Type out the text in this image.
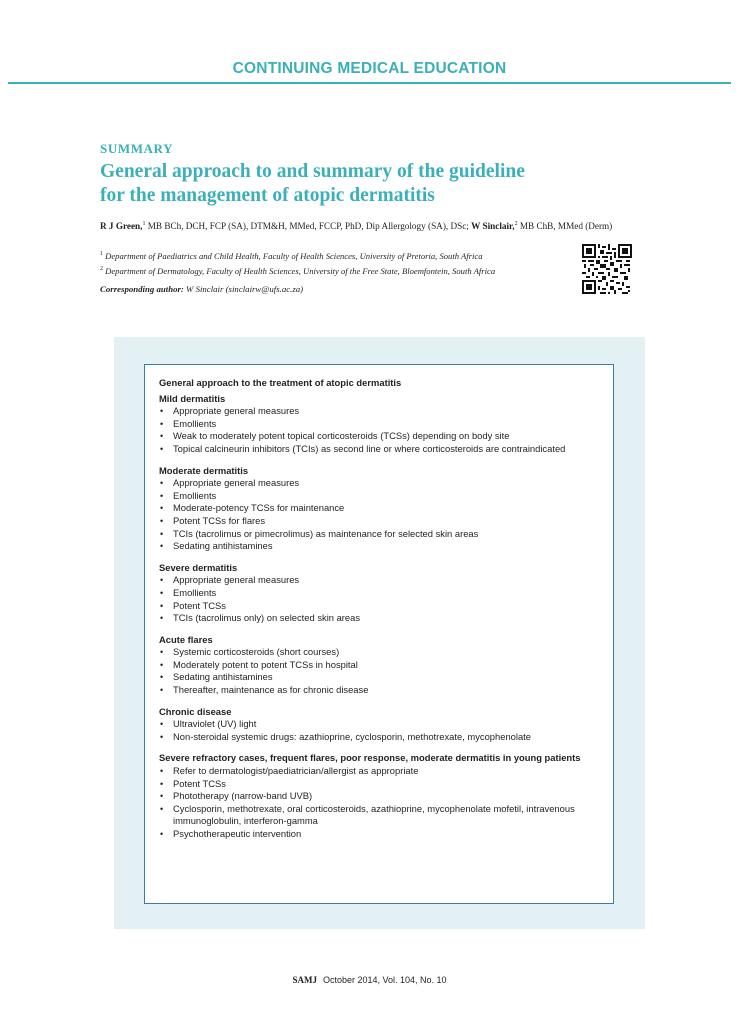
CONTINUING MEDICAL EDUCATION
SUMMARY
General approach to and summary of the guideline
for the management of atopic dermatitis
R J Green,$^1$ MB BCh, DCH, FCP (SA), DTM&H, MMed, FCCP, PhD, Dip Allergology (SA), DSc; W Sinclair,$^2$ MB ChB, MMed (Derm)
$^1$ Department of Paediatrics and Child Health, Faculty of Health Sciences, University of Pretoria, South Africa
$^2$ Department of Dermatology, Faculty of Health Sciences, University of the Free State, Bloemfontein, South Africa
Corresponding author: W Sinclair (sinclairw@ufs.ac.za)
General approach to the treatment of atopic dermatitis
Mild dermatitis
• Appropriate general measures
• Emollients
• Weak to moderately potent topical corticosteroids (TCSs) depending on body site
• Topical calcineurin inhibitors (TCIs) as second line or where corticosteroids are contraindicated
Moderate dermatitis
• Appropriate general measures
• Emollients
• Moderate-potency TCSs for maintenance
• Potent TCSs for flares
• TCIs (tacrolimus or pimecrolimus) as maintenance for selected skin areas
• Sedating antihistamines
Severe dermatitis
• Appropriate general measures
• Emollients
• Potent TCSs
• TCIs (tacrolimus only) on selected skin areas
Acute flares
• Systemic corticosteroids (short courses)
• Moderately potent to potent TCSs in hospital
• Sedating antihistamines
• Thereafter, maintenance as for chronic disease
Chronic disease
• Ultraviolet (UV) light
• Non-steroidal systemic drugs: azathioprine, cyclosporin, methotrexate, mycophenolate
Severe refractory cases, frequent flares, poor response, moderate dermatitis in young patients
• Refer to dermatologist/paediatrician/allergist as appropriate
• Potent TCSs
• Phototherapy (narrow-band UVB)
• Cyclosporin, methotrexate, oral corticosteroids, azathioprine, mycophenolate mofetil, intravenous immunoglobulin, interferon-gamma
• Psychotherapeutic intervention
SAMJ October 2014, Vol. 104, No. 10
